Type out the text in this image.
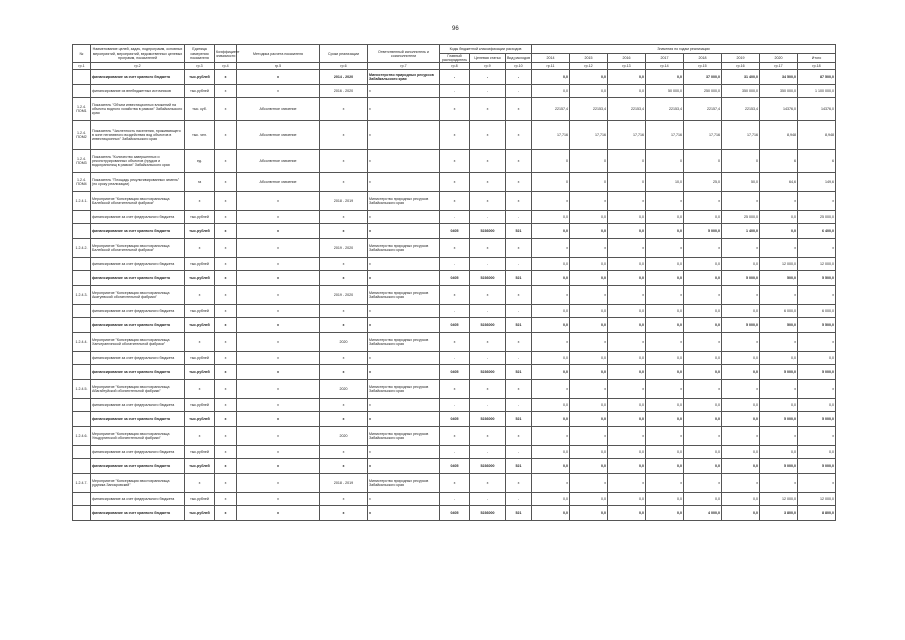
96
№	Наименование целей, задач, подпрограмм, основных мероприятий, мероприятий, ведомственных целевых программ, показателей	Единица измерения показателя	Коэффициент значимости	Методика расчета показателя	Сроки реализации	Ответственный исполнитель и соисполнители	Коды бюджетной классификации расходов			Значения по годам реализации							
							Главный распорядитель	Целевая статья	Вид расходов	2014	2015	2016	2017	2018	2019	2020	Итого
гр.1	гр.2	гр.3	гр.4	гр.5	гр.6	гр.7	гр.8	гр.9	гр.10	гр.11	гр.12	гр.13	гр.14	гр.15	гр.16	гр.17	гр.18
	финансирование за счет краевого бюджета	тыс.рублей	x	x	2014 - 2020	Министерство природных ресурсов Забайкальского края	-	-	-	0,0	0,0	0,0	0,0	37 000,0	31 400,0	34 500,0	87 500,0
	финансирование из внебюджетных источников	тыс.рублей	x	x	2016 - 2020	x	-	-	-	0,0	0,0	0,0	50 000,0	250 000,0	350 000,0	350 000,0	1 100 000,0
1.2.4. ПОМ1	Показатель "Объем инвестиционных вложений на объекты водного хозяйства в рамках" Забайкальского края	тыс. куб.	x	Абсолютное значение	x	x	x	x	x	22157,4	22153,4	22153,4	22153,4	22157,4	22153,4	14376,0	14376,0
1.2.4. ПОМ2	Показатель "Численность населения, проживающего в зоне негативного воздействия вод объектов в инвестиционных" Забайкальского края	тыс. чел.	x	Абсолютное значение	x	x	x	x	x	17,716	17,716	17,716	17,716	17,716	17,716	8,948	8,948
1.2.4. ПОМ3	Показатель "Количество завершенных и реконструированных объектов (прудов и водохранилищ в рамках" Забайкальского края	ед.	x	Абсолютное значение	x	x	x	x	x	0	0	0	0	0	0	6	6
1.2.4. ПОМ4	Показатель "Площадь рекультивированных земель" (по сроку реализации)	га	x	Абсолютное значение	x	x	x	x	x	0	0	0	10,0	25,0	50,0	64,6	149,6
1.2.4.1.	Мероприятие "Консервация хвостохранилища Балейской обогатительной фабрики"	x	x	x	2018 - 2019	Министерство природных ресурсов Забайкальского края	x	x	x	x	x	x	x	x	x	x	x
	финансирование за счет федерального бюджета	тыс.рублей	x	x	x	x	-	-	-	0,0	0,0	0,0	0,0	0,0	25 000,0	0,0	25 000,0
	финансирование за счет краевого бюджета	тыс.рублей	x	x	x	x	0405	5236000	521	0,0	0,0	0,0	0,0	5 000,0	1 400,0	0,0	6 400,0
1.2.4.2.	Мероприятие "Консервация хвостохранилища Балейской обогатительной фабрики"	x	x	x	2019 - 2020	Министерство природных ресурсов Забайкальского края	x	x	x	x	x	x	x	x	x	x	x
	финансирование за счет федерального бюджета	тыс.рублей	x	x	x	x	-	-	-	0,0	0,0	0,0	0,0	0,0	0,0	12 000,0	12 000,0
	финансирование за счет краевого бюджета	тыс.рублей	x	x	x	x	0405	5236000	521	0,0	0,0	0,0	0,0	0,0	5 000,0	500,0	5 500,0
1.2.4.3.	Мероприятие "Консервация хвостохранилища Акатуевской обогатительной фабрики"	x	x	x	2019 - 2020	Министерство природных ресурсов Забайкальского края	x	x	x	x	x	x	x	x	x	x	x
	финансирование за счет федерального бюджета	тыс.рублей	x	x	x	x	-	-	-	0,0	0,0	0,0	0,0	0,0	0,0	6 000,0	6 000,0
	финансирование за счет краевого бюджета	тыс.рублей	x	x	x	x	0405	5236000	521	0,0	0,0	0,0	0,0	0,0	5 000,0	500,0	5 500,0
1.2.4.4.	Мероприятие "Консервация хвостохранилища Хапчерангинской обогатительной фабрики"	x	x	x	2020	Министерство природных ресурсов Забайкальского края	x	x	x	x	x	x	x	x	x	x	x
	финансирование за счет федерального бюджета	тыс.рублей	x	x	x	x	-	-	-	0,0	0,0	0,0	0,0	0,0	0,0	0,0	0,0
	финансирование за счет краевого бюджета	тыс.рублей	x	x	x	x	0405	5236000	521	0,0	0,0	0,0	0,0	0,0	0,0	5 000,0	5 000,0
1.2.4.5.	Мероприятие "Консервация хвостохранилища Абагайтуйской обогатительной фабрики"	x	x	x	2020	Министерство природных ресурсов Забайкальского края	x	x	x	x	x	x	x	x	x	x	x
	финансирование за счет федерального бюджета	тыс.рублей	x	x	x	x	-	-	-	0,0	0,0	0,0	0,0	0,0	0,0	0,0	0,0
	финансирование за счет краевого бюджета	тыс.рублей	x	x	x	x	0405	5236000	521	0,0	0,0	0,0	0,0	0,0	0,0	5 000,0	5 000,0
1.2.4.6.	Мероприятие "Консервация хвостохранилища Ульдургинской обогатительной фабрики"	x	x	x	2020	Министерство природных ресурсов Забайкальского края	x	x	x	x	x	x	x	x	x	x	x
	финансирование за счет федерального бюджета	тыс.рублей	x	x	x	x	-	-	-	0,0	0,0	0,0	0,0	0,0	0,0	0,0	0,0
	финансирование за счет краевого бюджета	тыс.рублей	x	x	x	x	0405	5236000	521	0,0	0,0	0,0	0,0	0,0	0,0	5 000,0	5 000,0
1.2.4.7.	Мероприятие "Консервация хвостохранилища рудника Запокровский"	x	x	x	2018 - 2019	Министерство природных ресурсов Забайкальского края	x	x	x	x	x	x	x	x	x	x	x
	финансирование за счет федерального бюджета	тыс.рублей	x	x	x	x	-	-	-	0,0	0,0	0,0	0,0	0,0	0,0	12 000,0	12 000,0
	финансирование за счет краевого бюджета	тыс.рублей	x	x	x	x	0405	5236000	521	0,0	0,0	0,0	0,0	4 000,0	0,0	3 800,0	8 800,0
